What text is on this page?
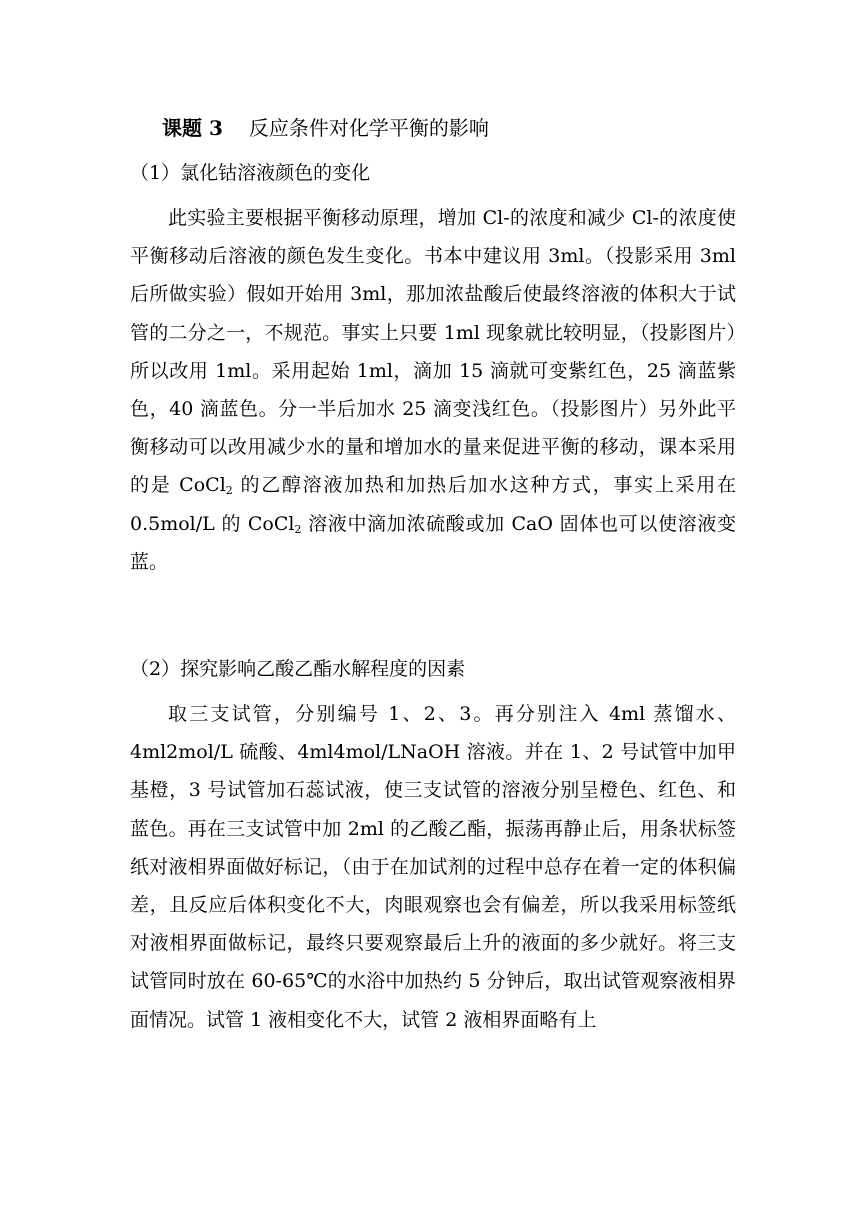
课题 3 反应条件对化学平衡的影响
（1）氯化钴溶液颜色的变化

此实验主要根据平衡移动原理，增加 Cl-的浓度和减少 Cl-的浓度使平衡移动后溶液的颜色发生变化。书本中建议用 3ml。（投影采用 3ml 后所做实验）假如开始用 3ml，那加浓盐酸后使最终溶液的体积大于试管的二分之一，不规范。事实上只要 1ml 现象就比较明显，（投影图片）所以改用 1ml。采用起始 1ml，滴加 15 滴就可变紫红色，25 滴蓝紫色，40 滴蓝色。分一半后加水 25 滴变浅红色。（投影图片）另外此平衡移动可以改用减少水的量和增加水的量来促进平衡的移动，课本采用的是 CoCl$_2$ 的乙醇溶液加热和加热后加水这种方式，事实上采用在 0.5mol/L 的 CoCl$_2$ 溶液中滴加浓硫酸或加 CaO 固体也可以使溶液变蓝。

（2）探究影响乙酸乙酯水解程度的因素

取三支试管，分别编号 1、2、3。再分别注入 4ml 蒸馏水、4ml2mol/L 硫酸、4ml4mol/LNaOH 溶液。并在 1、2 号试管中加甲基橙，3 号试管加石蕊试液，使三支试管的溶液分别呈橙色、红色、和蓝色。再在三支试管中加 2ml 的乙酸乙酯，振荡再静止后，用条状标签纸对液相界面做好标记，（由于在加试剂的过程中总存在着一定的体积偏差，且反应后体积变化不大，肉眼观察也会有偏差，所以我采用标签纸对液相界面做标记，最终只要观察最后上升的液面的多少就好。将三支试管同时放在 60-65℃的水浴中加热约 5 分钟后，取出试管观察液相界面情况。试管 1 液相变化不大，试管 2 液相界面略有上
